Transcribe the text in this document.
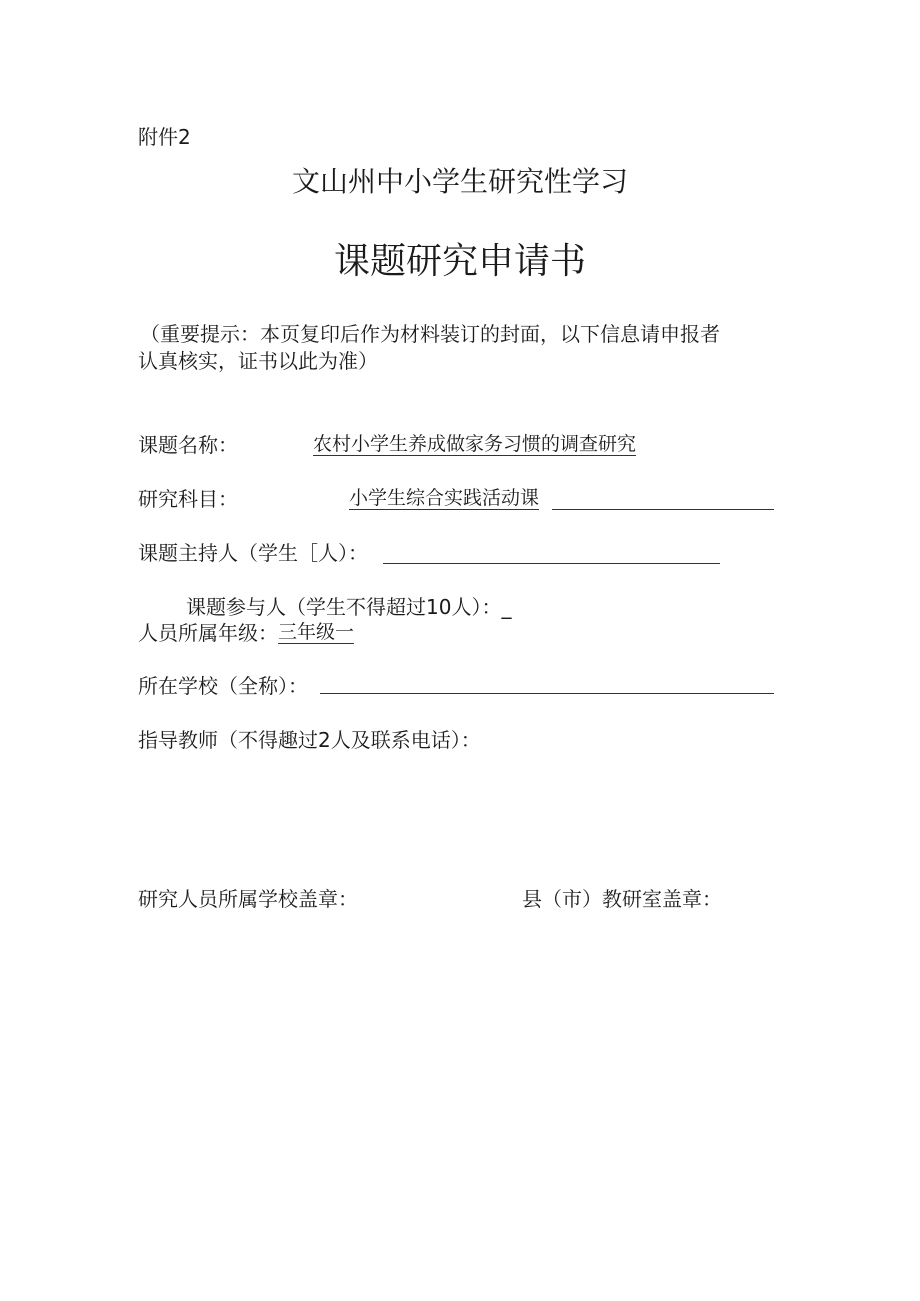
附件2
文山州中小学生研究性学习
课题研究申请书
（重要提示：本页复印后作为材料装订的封面，以下信息请申报者
认真核实，证书以此为准）
课题名称：	农村小学生养成做家务习惯的调查研究
研究科目：	小学生综合实践活动课
课题主持人（学生［人）：
课题参与人（学生不得超过10人）：_
人员所属年级： 三年级一
所在学校（全称）：
指导教师（不得趣过2人及联系电话）：
研究人员所属学校盖章：	县（市）教研室盖章：
